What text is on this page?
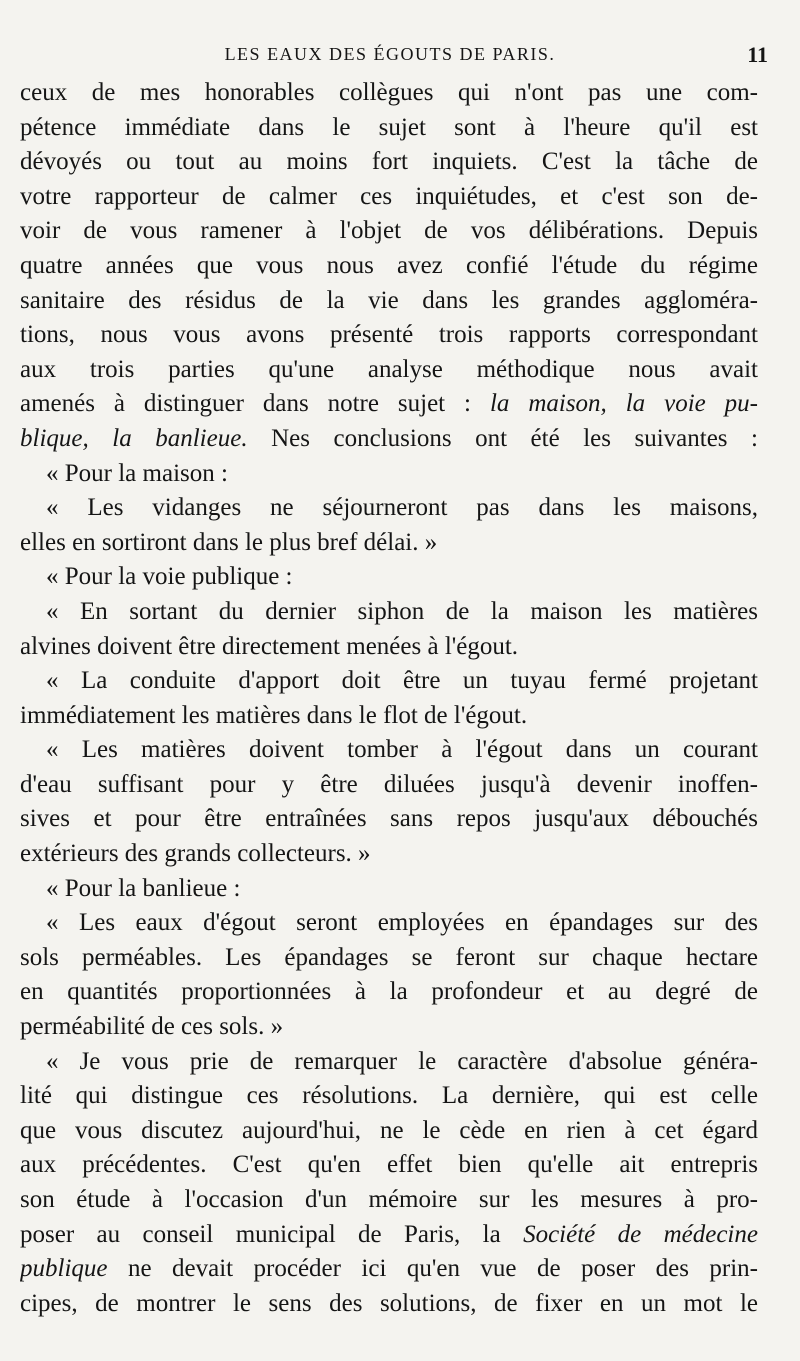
LES EAUX DES ÉGOUTS DE PARIS.	11
ceux de mes honorables collègues qui n'ont pas une com-
pétence immédiate dans le sujet sont à l'heure qu'il est
dévoyés ou tout au moins fort inquiets. C'est la tâche de
votre rapporteur de calmer ces inquiétudes, et c'est son de-
voir de vous ramener à l'objet de vos délibérations. Depuis
quatre années que vous nous avez confié l'étude du régime
sanitaire des résidus de la vie dans les grandes aggloméra-
tions, nous vous avons présenté trois rapports correspondant
aux trois parties qu'une analyse méthodique nous avait
amenés à distinguer dans notre sujet : la maison, la voie pu-
blique, la banlieue. Nes conclusions ont été les suivantes :
« Pour la maison :
« Les vidanges ne séjourneront pas dans les maisons,
elles en sortiront dans le plus bref délai. »
« Pour la voie publique :
« En sortant du dernier siphon de la maison les matières
alvines doivent être directement menées à l'égout.
« La conduite d'apport doit être un tuyau fermé projetant
immédiatement les matières dans le flot de l'égout.
« Les matières doivent tomber à l'égout dans un courant
d'eau suffisant pour y être diluées jusqu'à devenir inoffen-
sives et pour être entraînées sans repos jusqu'aux débouchés
extérieurs des grands collecteurs. »
« Pour la banlieue :
« Les eaux d'égout seront employées en épandages sur des
sols perméables. Les épandages se feront sur chaque hectare
en quantités proportionnées à la profondeur et au degré de
perméabilité de ces sols. »
« Je vous prie de remarquer le caractère d'absolue généra-
lité qui distingue ces résolutions. La dernière, qui est celle
que vous discutez aujourd'hui, ne le cède en rien à cet égard
aux précédentes. C'est qu'en effet bien qu'elle ait entrepris
son étude à l'occasion d'un mémoire sur les mesures à pro-
poser au conseil municipal de Paris, la Société de médecine
publique ne devait procéder ici qu'en vue de poser des prin-
cipes, de montrer le sens des solutions, de fixer en un mot le
